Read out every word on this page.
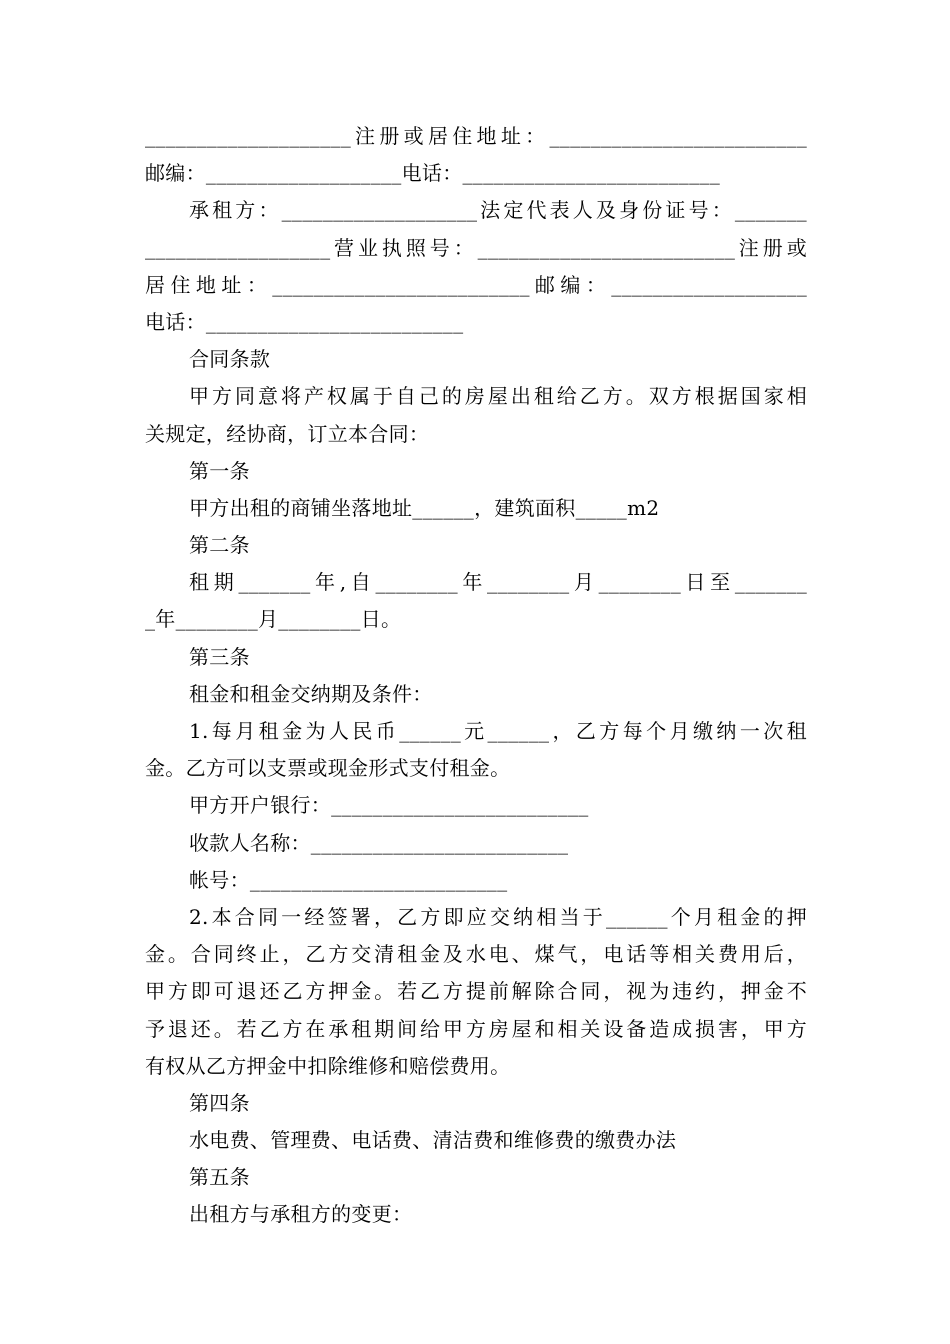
____________________注册或居住地址：_________________________
邮编：___________________电话：_________________________
承租方：___________________法定代表人及身份证号：_______
__________________营业执照号：_________________________注册或
居住地址：_________________________邮编：___________________
电话：_________________________
合同条款
甲方同意将产权属于自己的房屋出租给乙方。双方根据国家相
关规定，经协商，订立本合同：
第一条
甲方出租的商铺坐落地址______，建筑面积_____m2
第二条
租期_______年,自________年________月________日至_______
_年________月________日。
第三条
租金和租金交纳期及条件：
1.每月租金为人民币______元______，乙方每个月缴纳一次租
金。乙方可以支票或现金形式支付租金。
甲方开户银行：_________________________
收款人名称：_________________________
帐号：_________________________
2.本合同一经签署，乙方即应交纳相当于______个月租金的押
金。合同终止，乙方交清租金及水电、煤气，电话等相关费用后，
甲方即可退还乙方押金。若乙方提前解除合同，视为违约，押金不
予退还。若乙方在承租期间给甲方房屋和相关设备造成损害，甲方
有权从乙方押金中扣除维修和赔偿费用。
第四条
水电费、管理费、电话费、清洁费和维修费的缴费办法
第五条
出租方与承租方的变更：
